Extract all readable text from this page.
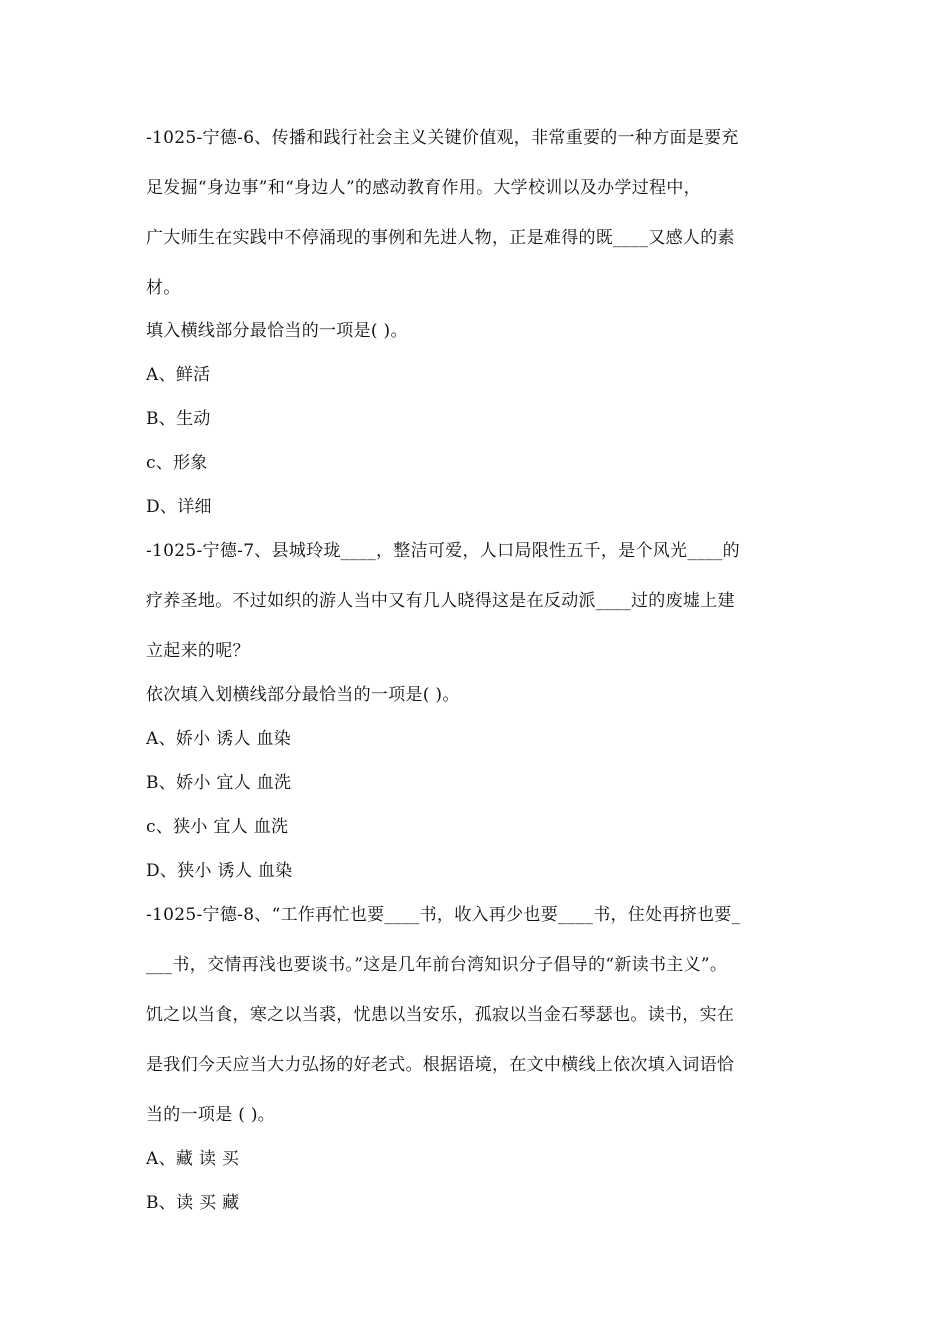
-1025-宁德-6、传播和践行社会主义关键价值观，非常重要的一种方面是要充
足发掘“身边事”和“身边人”的感动教育作用。大学校训以及办学过程中，
广大师生在实践中不停涌现的事例和先进人物，正是难得的既____又感人的素
材。
填入横线部分最恰当的一项是( )。
A、鲜活
B、生动
c、形象
D、详细
-1025-宁德-7、县城玲珑____，整洁可爱，人口局限性五千，是个风光____的
疗养圣地。不过如织的游人当中又有几人晓得这是在反动派____过的废墟上建
立起来的呢？
依次填入划横线部分最恰当的一项是( )。
A、娇小 诱人 血染
B、娇小 宜人 血洗
c、狭小 宜人 血洗
D、狭小 诱人 血染
-1025-宁德-8、“工作再忙也要____书，收入再少也要____书，住处再挤也要_
___书，交情再浅也要谈书。”这是几年前台湾知识分子倡导的“新读书主义”。
饥之以当食，寒之以当裘，忧患以当安乐，孤寂以当金石琴瑟也。读书，实在
是我们今天应当大力弘扬的好老式。根据语境，在文中横线上依次填入词语恰
当的一项是 ( )。
A、藏 读 买
B、读 买 藏
